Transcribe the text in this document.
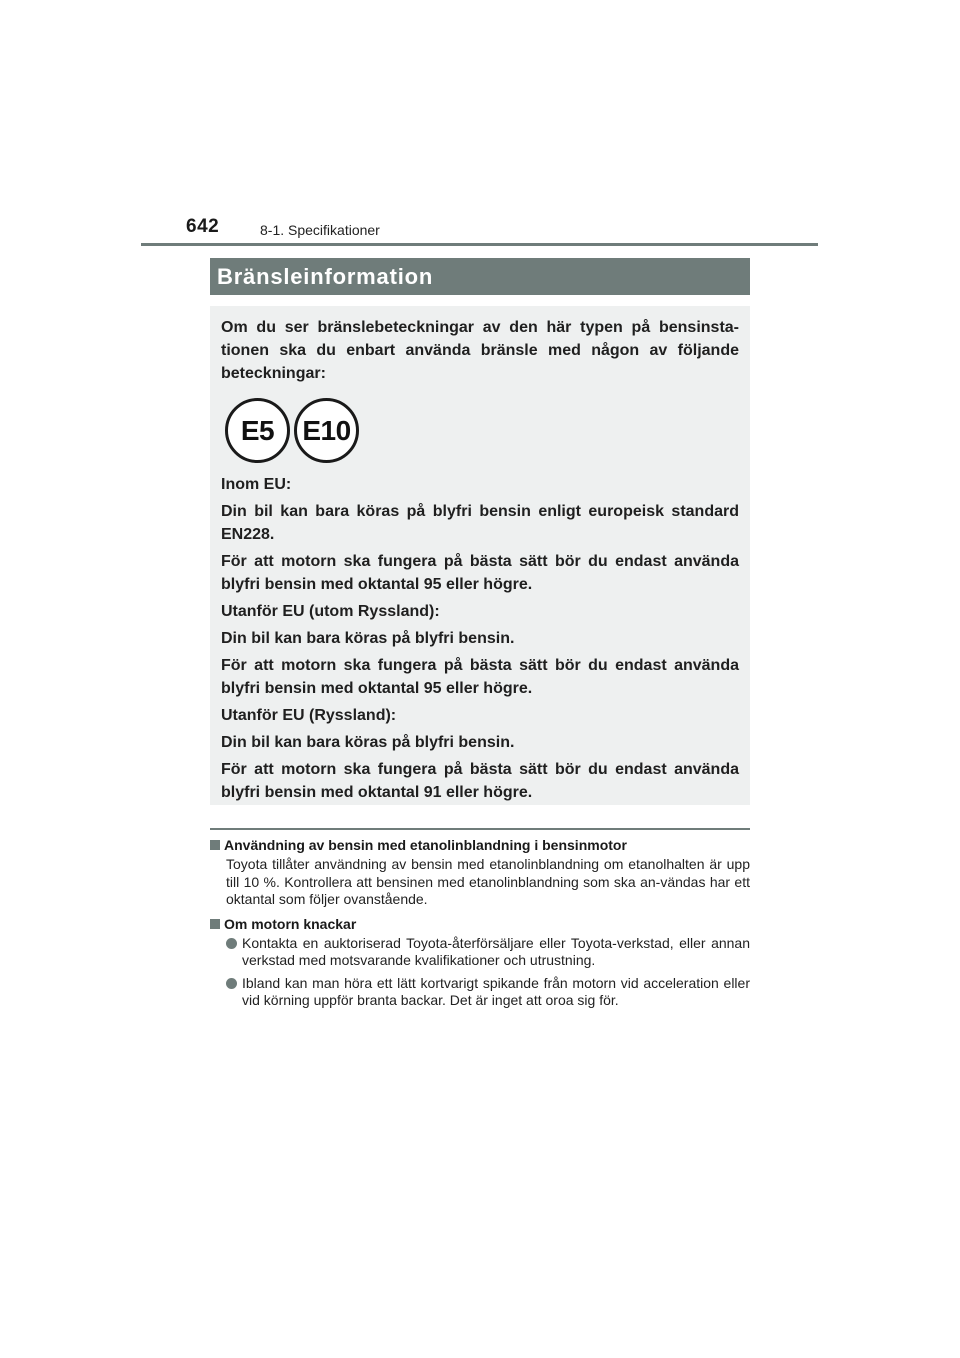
642	8-1. Specifikationer
Bränsleinformation

Om du ser bränslebeteckningar av den här typen på bensinsta-tionen ska du enbart använda bränsle med någon av följande beteckningar:

E5	E10

Inom EU:

Din bil kan bara köras på blyfri bensin enligt europeisk standard EN228.

För att motorn ska fungera på bästa sätt bör du endast använda blyfri bensin med oktantal 95 eller högre.

Utanför EU (utom Ryssland):

Din bil kan bara köras på blyfri bensin.

För att motorn ska fungera på bästa sätt bör du endast använda blyfri bensin med oktantal 95 eller högre.

Utanför EU (Ryssland):

Din bil kan bara köras på blyfri bensin.

För att motorn ska fungera på bästa sätt bör du endast använda blyfri bensin med oktantal 91 eller högre.

Användning av bensin med etanolinblandning i bensinmotor
Toyota tillåter användning av bensin med etanolinblandning om etanolhalten är upp till 10 %. Kontrollera att bensinen med etanolinblandning som ska an-vändas har ett oktantal som följer ovanstående.
Om motorn knackar
Kontakta en auktoriserad Toyota-återförsäljare eller Toyota-verkstad, eller annan verkstad med motsvarande kvalifikationer och utrustning.
Ibland kan man höra ett lätt kortvarigt spikande från motorn vid acceleration eller vid körning uppför branta backar. Det är inget att oroa sig för.
